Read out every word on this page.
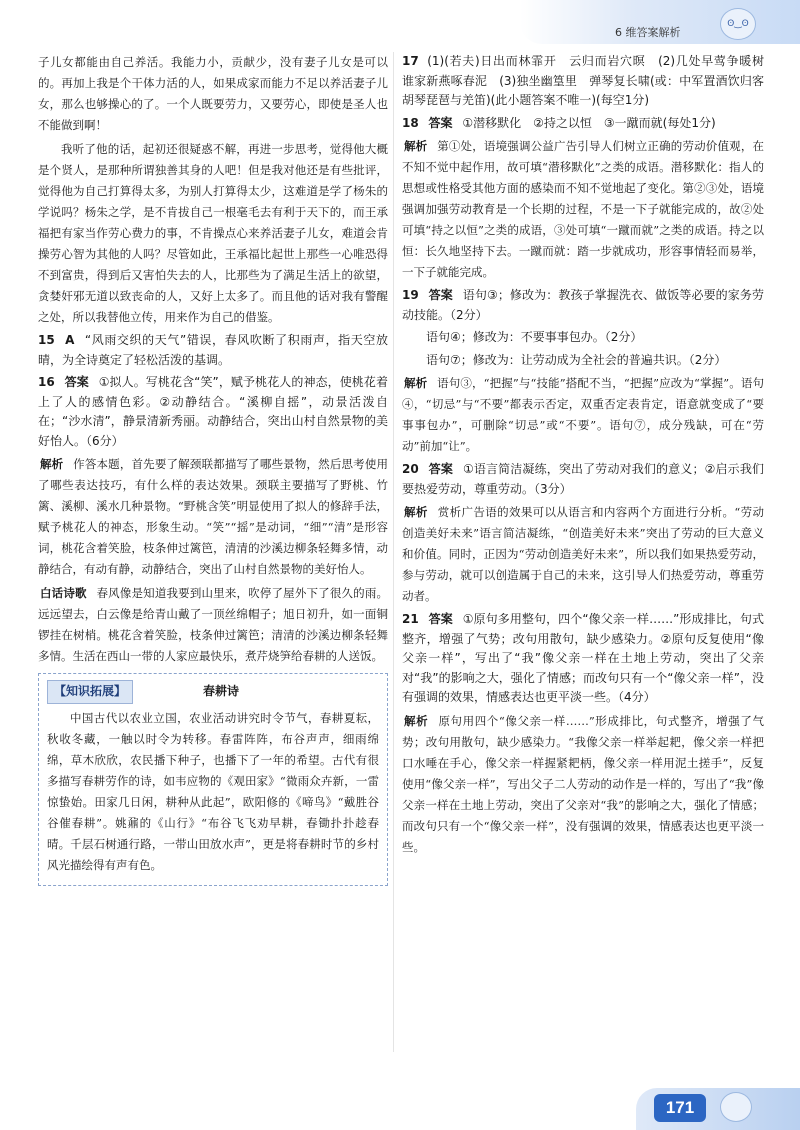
6 维答案解析
ʘ‿ʘ

子儿女都能由自己养活。我能力小，贡献少，没有妻子儿女是可以的。再加上我是个干体力活的人，如果成家而能力不足以养活妻子儿女，那么也够操心的了。一个人既要劳力，又要劳心，即使是圣人也不能做到啊！

我听了他的话，起初还很疑惑不解，再进一步思考，觉得他大概是个贤人，是那种所谓独善其身的人吧！但是我对他还是有些批评，觉得他为自己打算得太多，为别人打算得太少，这难道是学了杨朱的学说吗？杨朱之学，是不肯拔自己一根毫毛去有利于天下的，而王承福把有家当作劳心费力的事，不肯操点心来养活妻子儿女，难道会肯操劳心智为其他的人吗？尽管如此，王承福比起世上那些一心唯恐得不到富贵，得到后又害怕失去的人，比那些为了满足生活上的欲望，贪婪奸邪无道以致丧命的人，又好上太多了。而且他的话对我有警醒之处，所以我替他立传，用来作为自己的借鉴。

15 A “风雨交织的天气”错误，春风吹断了积雨声，指天空放晴，为全诗奠定了轻松活泼的基调。

16 答案 ①拟人。写桃花含“笑”，赋予桃花人的神态，使桃花着上了人的感情色彩。②动静结合。“溪柳自摇”，动景活泼自在；“沙水清”，静景清新秀丽。动静结合，突出山村自然景物的美好怡人。（6分）

解析 作答本题，首先要了解颈联都描写了哪些景物，然后思考使用了哪些表达技巧，有什么样的表达效果。颈联主要描写了野桃、竹篱、溪柳、溪水几种景物。“野桃含笑”明显使用了拟人的修辞手法，赋予桃花人的神态，形象生动。“笑”“摇”是动词，“细”“清”是形容词，桃花含着笑脸，枝条伸过篱笆，清清的沙溪边柳条轻舞多情，动静结合，有动有静，动静结合，突出了山村自然景物的美好怡人。

白话诗歌 春风像是知道我要到山里来，吹停了屋外下了很久的雨。远远望去，白云像是给青山戴了一顶丝绵帽子；旭日初升，如一面铜锣挂在树梢。桃花含着笑脸，枝条伸过篱笆；清清的沙溪边柳条轻舞多情。生活在西山一带的人家应最快乐，煮芹烧笋给春耕的人送饭。

【知识拓展】	春耕诗

中国古代以农业立国，农业活动讲究时令节气，春耕夏耘，秋收冬藏，一触以时令为转移。春雷阵阵，布谷声声，细雨绵绵，草木欣欣，农民播下种子，也播下了一年的希望。古代有很多描写春耕劳作的诗，如韦应物的《观田家》“微雨众卉新，一雷惊蛰始。田家几日闲，耕种从此起”，欧阳修的《啼鸟》“戴胜谷谷催春耕”。姚鼐的《山行》“布谷飞飞劝早耕，春锄扑扑趁春晴。千层石树通行路，一带山田放水声”，更是将春耕时节的乡村风光描绘得有声有色。

17 (1)(若夫)日出而林霏开　云归而岩穴暝　(2)几处早莺争暖树　谁家新燕啄春泥　(3)独坐幽篁里　弹琴复长啸(或：中军置酒饮归客　胡琴琵琶与羌笛)(此小题答案不唯一)(每空1分)

18 答案 ①潜移默化　②持之以恒　③一蹴而就(每处1分)

解析 第①处，语境强调公益广告引导人们树立正确的劳动价值观，在不知不觉中起作用，故可填“潜移默化”之类的成语。潜移默化：指人的思想或性格受其他方面的感染而不知不觉地起了变化。第②③处，语境强调加强劳动教育是一个长期的过程，不是一下子就能完成的，故②处可填“持之以恒”之类的成语，③处可填“一蹴而就”之类的成语。持之以恒：长久地坚持下去。一蹴而就：踏一步就成功，形容事情轻而易举，一下子就能完成。

19 答案 语句③；修改为：教孩子掌握洗衣、做饭等必要的家务劳动技能。（2分）

语句④；修改为：不要事事包办。（2分）

语句⑦；修改为：让劳动成为全社会的普遍共识。（2分）

解析 语句③，“把握”与“技能”搭配不当，“把握”应改为“掌握”。语句④，“切忌”与“不要”都表示否定，双重否定表肯定，语意就变成了“要事事包办”，可删除“切忌”或“不要”。语句⑦，成分残缺，可在“劳动”前加“让”。

20 答案 ①语言简洁凝练，突出了劳动对我们的意义；②启示我们要热爱劳动，尊重劳动。（3分）

解析 赏析广告语的效果可以从语言和内容两个方面进行分析。“劳动创造美好未来”语言简洁凝练，“创造美好未来”突出了劳动的巨大意义和价值。同时，正因为“劳动创造美好未来”，所以我们如果热爱劳动，参与劳动，就可以创造属于自己的未来，这引导人们热爱劳动，尊重劳动者。

21 答案 ①原句多用整句，四个“像父亲一样……”形成排比，句式整齐，增强了气势；改句用散句，缺少感染力。②原句反复使用“像父亲一样”，写出了“我”像父亲一样在土地上劳动，突出了父亲对“我”的影响之大，强化了情感；而改句只有一个“像父亲一样”，没有强调的效果，情感表达也更平淡一些。（4分）

解析 原句用四个“像父亲一样……”形成排比，句式整齐，增强了气势；改句用散句，缺少感染力。“我像父亲一样举起耙，像父亲一样把口水唾在手心，像父亲一样握紧耙柄，像父亲一样用泥土搓手”，反复使用“像父亲一样”，写出父子二人劳动的动作是一样的，写出了“我”像父亲一样在土地上劳动，突出了父亲对“我”的影响之大，强化了情感；而改句只有一个“像父亲一样”，没有强调的效果，情感表达也更平淡一些。

171
